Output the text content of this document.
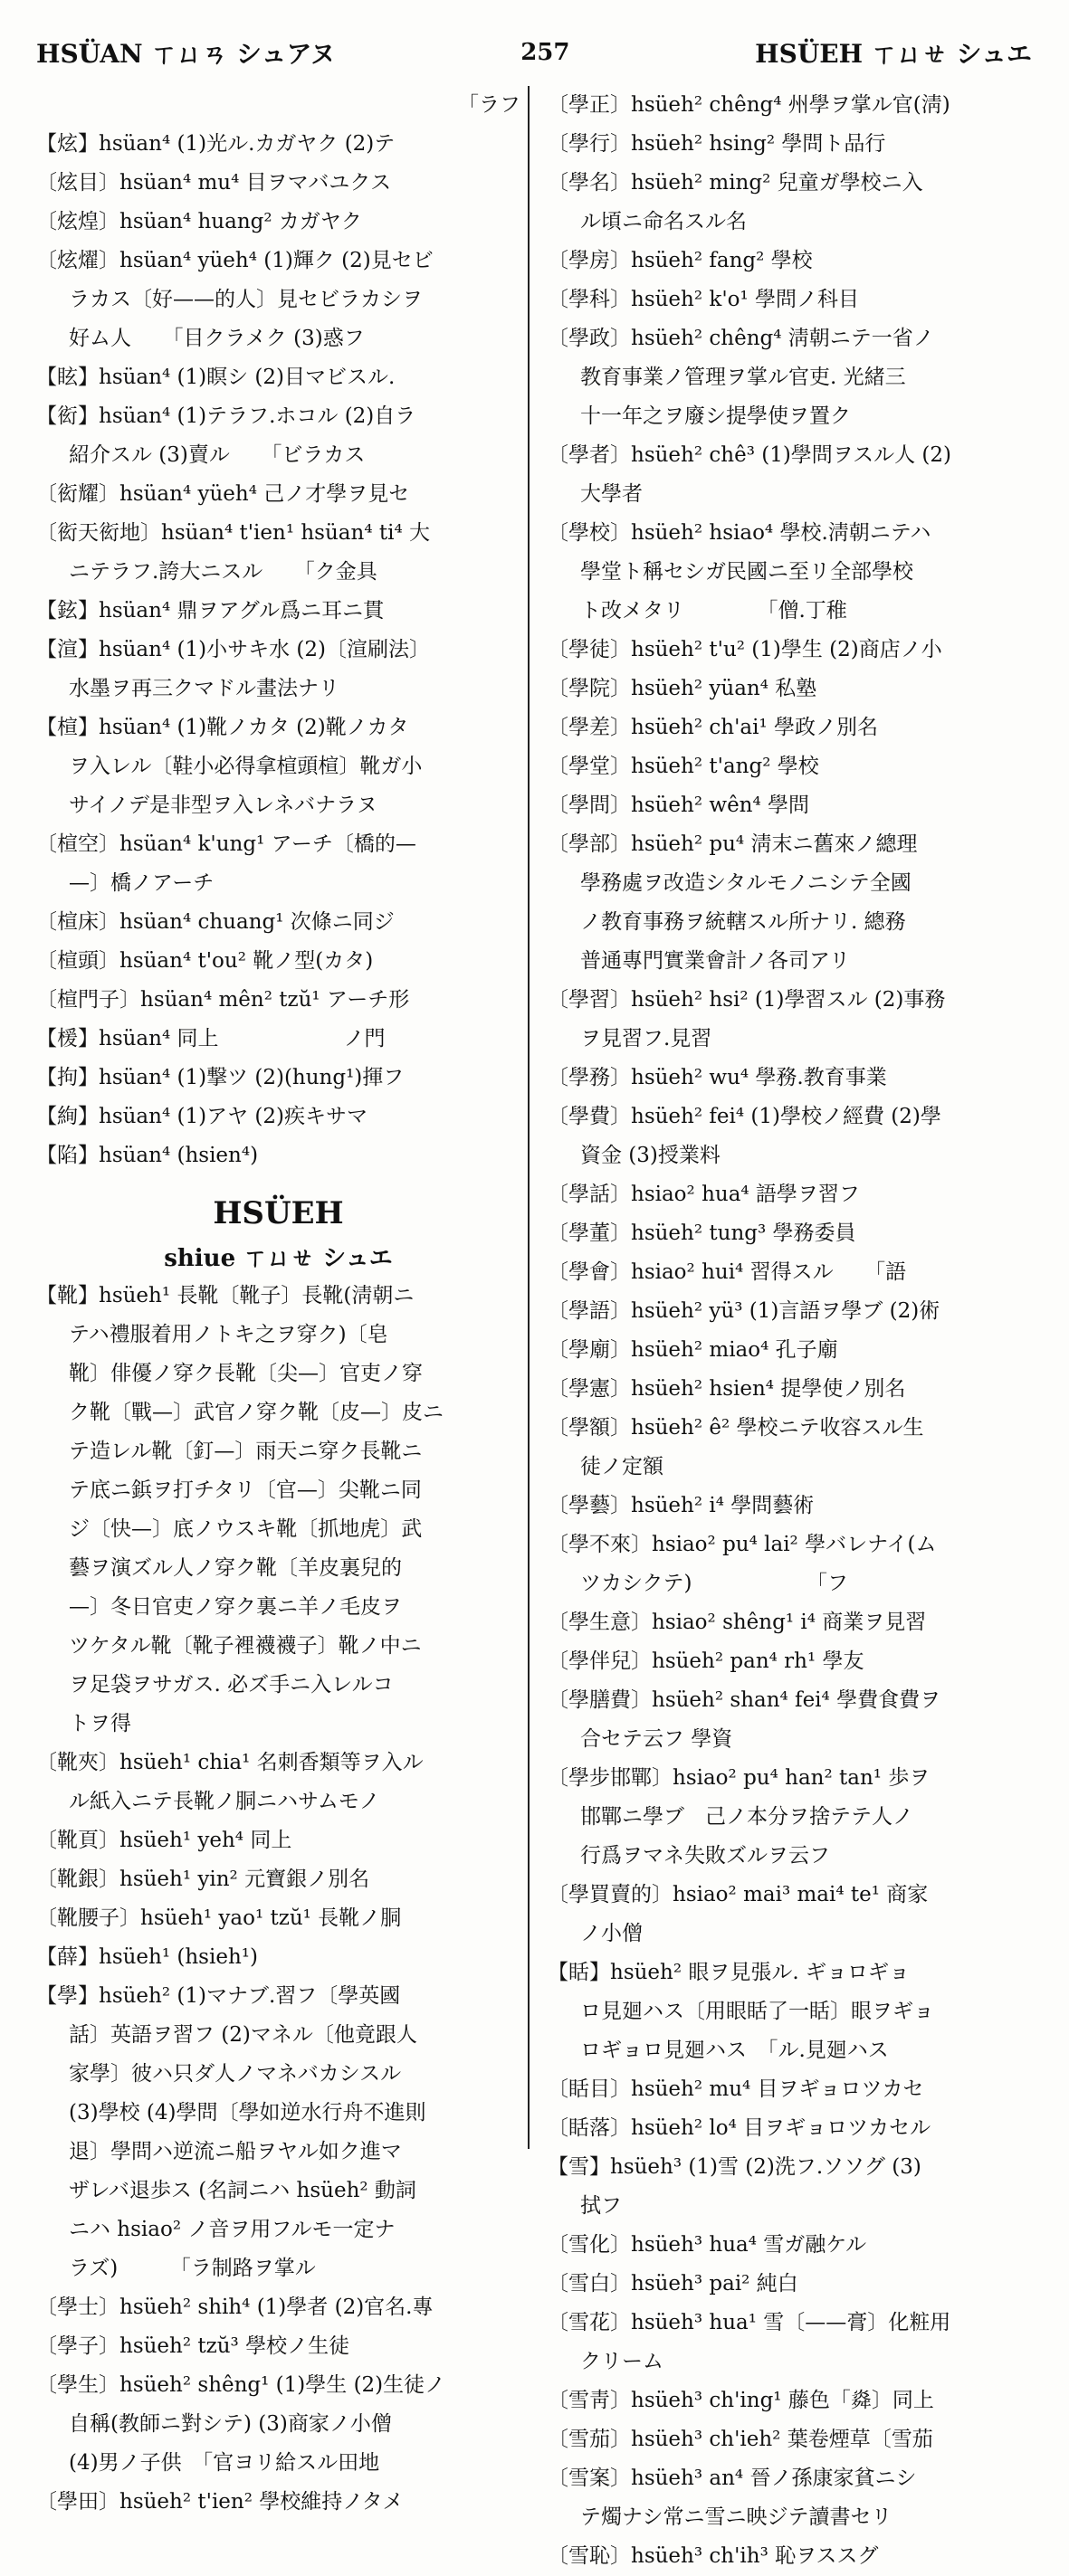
HSÜAN ㄒㄩㄢ シュアヌ	257	HSÜEH ㄒㄩㄝ シュエ
「ラフ
【炫】hsüan⁴ (1)光ル.カガヤク (2)テ
〔炫目〕hsüan⁴ mu⁴ 目ヲマバユクス
〔炫煌〕hsüan⁴ huang² カガヤク
〔炫燿〕hsüan⁴ yüeh⁴ (1)輝ク (2)見セビ
ラカス〔好——的人〕見セビラカシヲ
好ム人　　「目クラメク (3)惑フ
【眩】hsüan⁴ (1)瞑シ (2)目マビスル.
【衒】hsüan⁴ (1)テラフ.ホコル (2)自ラ
紹介スル (3)賣ル　　「ビラカス
〔衒耀〕hsüan⁴ yüeh⁴ 己ノ才學ヲ見セ
〔衒天衒地〕hsüan⁴ t'ien¹ hsüan⁴ ti⁴ 大
ニテラフ.誇大ニスル　　「ク金具
【鉉】hsüan⁴ 鼎ヲアグル爲ニ耳ニ貫
【渲】hsüan⁴ (1)小サキ水 (2)〔渲刷法〕
水墨ヲ再三クマドル畫法ナリ
【楦】hsüan⁴ (1)靴ノカタ (2)靴ノカタ
ヲ入レル〔鞋小必得拿楦頭楦〕靴ガ小
サイノデ是非型ヲ入レネバナラヌ
〔楦空〕hsüan⁴ k'ung¹ アーチ〔橋的—
—〕橋ノアーチ
〔楦床〕hsüan⁴ chuang¹ 次條ニ同ジ
〔楦頭〕hsüan⁴ t'ou² 靴ノ型(カタ)
〔楦門子〕hsüan⁴ mên² tzŭ¹ アーチ形
【楥】hsüan⁴ 同上　　　　　　ノ門
【拘】hsüan⁴ (1)撃ツ (2)(hung¹)揮フ
【絢】hsüan⁴ (1)アヤ (2)疾キサマ
【陷】hsüan⁴ (hsien⁴)
HSÜEH
shiue ㄒㄩㄝ シュエ
【靴】hsüeh¹ 長靴〔靴子〕長靴(淸朝ニ
テハ禮服着用ノトキ之ヲ穿ク)〔皂
靴〕俳優ノ穿ク長靴〔尖—〕官吏ノ穿
ク靴〔戰—〕武官ノ穿ク靴〔皮—〕皮ニ
テ造レル靴〔釘—〕雨天ニ穿ク長靴ニ
テ底ニ鋲ヲ打チタリ〔官—〕尖靴ニ同
ジ〔快—〕底ノウスキ靴〔抓地虎〕武
藝ヲ演ズル人ノ穿ク靴〔羊皮裏兒的
—〕冬日官吏ノ穿ク裏ニ羊ノ毛皮ヲ
ツケタル靴〔靴子裡襪襪子〕靴ノ中ニ
ヲ足袋ヲサガス. 必ズ手ニ入レルコ
トヲ得
〔靴夾〕hsüeh¹ chia¹ 名刺香類等ヲ入ル
ル紙入ニテ長靴ノ胴ニハサムモノ
〔靴頁〕hsüeh¹ yeh⁴ 同上
〔靴銀〕hsüeh¹ yin² 元寶銀ノ別名
〔靴腰子〕hsüeh¹ yao¹ tzŭ¹ 長靴ノ胴
【薛】hsüeh¹ (hsieh¹)
【學】hsüeh² (1)マナブ.習フ〔學英國
話〕英語ヲ習フ (2)マネル〔他竟跟人
家學〕彼ハ只ダ人ノマネバカシスル
(3)學校 (4)學問〔學如逆水行舟不進則
退〕學問ハ逆流ニ船ヲヤル如ク進マ
ザレバ退歩ス (名詞ニハ hsüeh² 動詞
ニハ hsiao² ノ音ヲ用フルモ一定ナ
ラズ)　　　「ラ制路ヲ掌ル
〔學士〕hsüeh² shih⁴ (1)學者 (2)官名.專
〔學子〕hsüeh² tzŭ³ 學校ノ生徒
〔學生〕hsüeh² shêng¹ (1)學生 (2)生徒ノ
自稱(教師ニ對シテ) (3)商家ノ小僧
(4)男ノ子供　「官ヨリ給スル田地
〔學田〕hsüeh² t'ien² 學校維持ノタメ
〔學正〕hsüeh² chêng⁴ 州學ヲ掌ル官(淸)
〔學行〕hsüeh² hsing² 學問ト品行
〔學名〕hsüeh² ming² 兒童ガ學校ニ入
ル頃ニ命名スル名
〔學房〕hsüeh² fang² 學校
〔學科〕hsüeh² k'o¹ 學問ノ科目
〔學政〕hsüeh² chêng⁴ 淸朝ニテ一省ノ
教育事業ノ管理ヲ掌ル官吏. 光緒三
十一年之ヲ廢シ提學使ヲ置ク
〔學者〕hsüeh² chê³ (1)學問ヲスル人 (2)
大學者
〔學校〕hsüeh² hsiao⁴ 學校.淸朝ニテハ
學堂ト稱セシガ民國ニ至リ全部學校
ト改メタリ　　　　「僧.丁稚
〔學徒〕hsüeh² t'u² (1)學生 (2)商店ノ小
〔學院〕hsüeh² yüan⁴ 私塾
〔學差〕hsüeh² ch'ai¹ 學政ノ別名
〔學堂〕hsüeh² t'ang² 學校
〔學問〕hsüeh² wên⁴ 學問
〔學部〕hsüeh² pu⁴ 淸末ニ舊來ノ總理
學務處ヲ改造シタルモノニシテ全國
ノ教育事務ヲ統轄スル所ナリ. 總務
普通專門實業會計ノ各司アリ
〔學習〕hsüeh² hsi² (1)學習スル (2)事務
ヲ見習フ.見習
〔學務〕hsüeh² wu⁴ 學務.教育事業
〔學費〕hsüeh² fei⁴ (1)學校ノ經費 (2)學
資金 (3)授業料
〔學話〕hsiao² hua⁴ 語學ヲ習フ
〔學董〕hsüeh² tung³ 學務委員
〔學會〕hsiao² hui⁴ 習得スル　　「語
〔學語〕hsüeh² yü³ (1)言語ヲ學ブ (2)術
〔學廟〕hsüeh² miao⁴ 孔子廟
〔學憲〕hsüeh² hsien⁴ 提學使ノ別名
〔學額〕hsüeh² ê² 學校ニテ收容スル生
徒ノ定額
〔學藝〕hsüeh² i⁴ 學問藝術
〔學不來〕hsiao² pu⁴ lai² 學バレナイ(ム
ツカシクテ)　　　　　　「フ
〔學生意〕hsiao² shêng¹ i⁴ 商業ヲ見習
〔學伴兒〕hsüeh² pan⁴ rh¹ 學友
〔學膳費〕hsüeh² shan⁴ fei⁴ 學費食費ヲ
合セテ云フ 學資
〔學步邯鄲〕hsiao² pu⁴ han² tan¹ 歩ヲ
邯鄲ニ學ブ　己ノ本分ヲ捨テテ人ノ
行爲ヲマネ失敗ズルヲ云フ
〔學買賣的〕hsiao² mai³ mai⁴ te¹ 商家
ノ小僧
【䀨】hsüeh² 眼ヲ見張ル. ギョロギョ
ロ見廻ハス〔用眼䀨了一䀨〕眼ヲギョ
ロギョロ見廻ハス　「ル.見廻ハス
〔䀨目〕hsüeh² mu⁴ 目ヲギョロツカセ
〔䀨落〕hsüeh² lo⁴ 目ヲギョロツカセル
【雪】hsüeh³ (1)雪 (2)洗フ.ソソグ (3)
拭フ
〔雪化〕hsüeh³ hua⁴ 雪ガ融ケル
〔雪白〕hsüeh³ pai² 純白
〔雪花〕hsüeh³ hua¹ 雪〔——膏〕化粧用
クリーム
〔雪靑〕hsüeh³ ch'ing¹ 藤色「㷠〕同上
〔雪茄〕hsüeh³ ch'ieh² 葉卷煙草〔雪茄
〔雪案〕hsüeh³ an⁴ 晉ノ孫康家貧ニシ
テ燭ナシ常ニ雪ニ映ジテ讀書セリ
〔雪恥〕hsüeh³ ch'ih³ 恥ヲススグ
